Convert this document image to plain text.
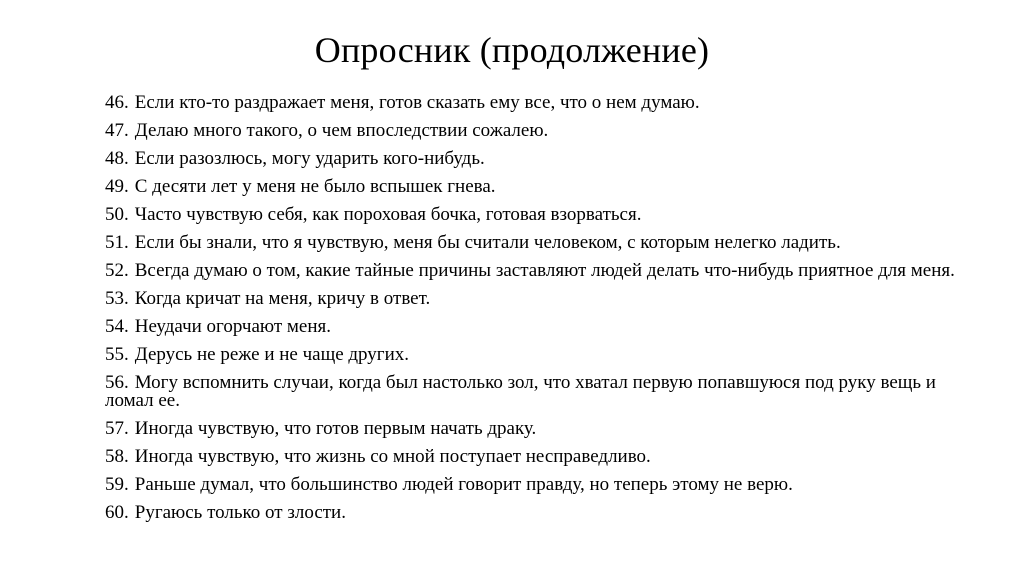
Опросник (продолжение)
46. Если кто-то раздражает меня, готов сказать ему все, что о нем думаю.
47. Делаю много такого, о чем впоследствии сожалею.
48. Если разозлюсь, могу ударить кого-нибудь.
49. С десяти лет у меня не было вспышек гнева.
50. Часто чувствую себя, как пороховая бочка, готовая взорваться.
51. Если бы знали, что я чувствую, меня бы считали человеком, с которым нелегко ладить.
52. Всегда думаю о том, какие тайные причины заставляют людей делать что-нибудь приятное для меня.
53. Когда кричат на меня, кричу в ответ.
54. Неудачи огорчают меня.
55. Дерусь не реже и не чаще других.
56. Могу вспомнить случаи, когда был настолько зол, что хватал первую попавшуюся под руку вещь и ломал ее.
57. Иногда чувствую, что готов первым начать драку.
58. Иногда чувствую, что жизнь со мной поступает несправедливо.
59. Раньше думал, что большинство людей говорит правду, но теперь этому не верю.
60. Ругаюсь только от злости.
